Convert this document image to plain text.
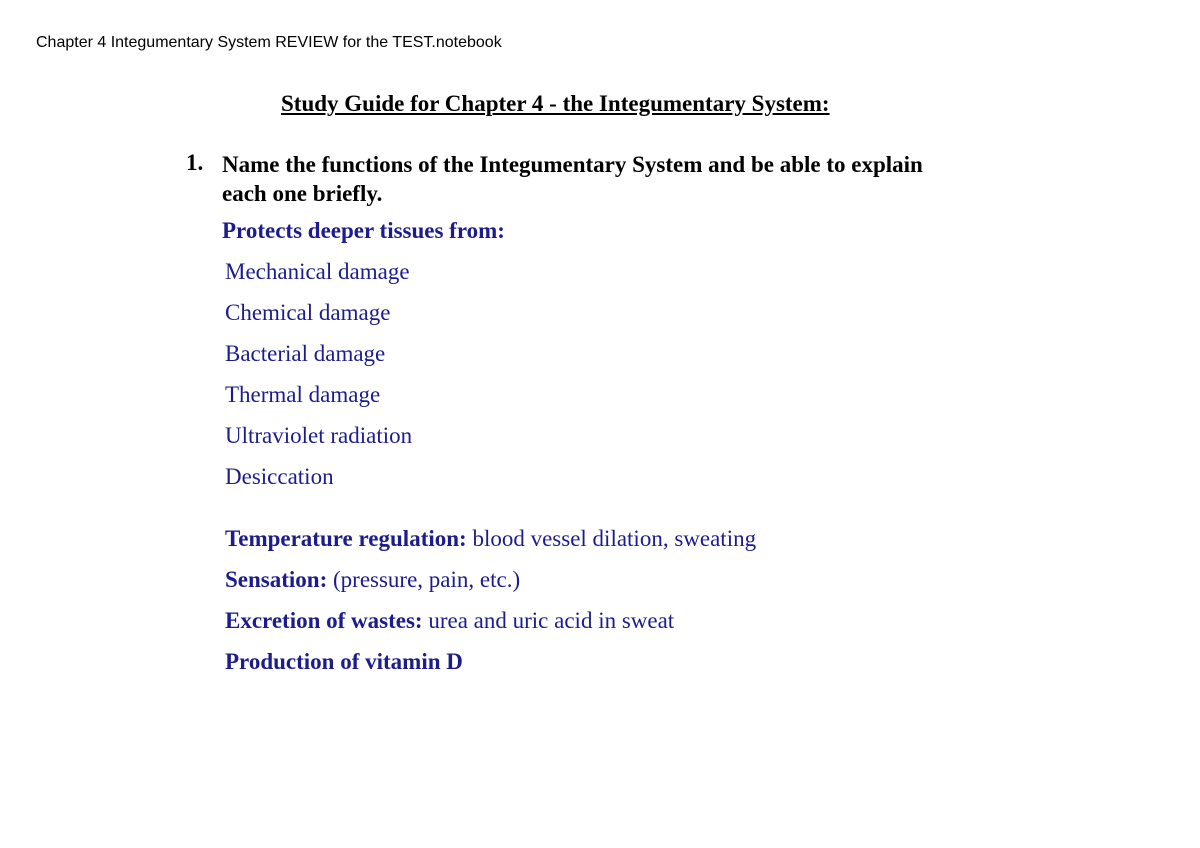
Chapter 4 Integumentary System REVIEW for the TEST.notebook
Study Guide for Chapter 4 - the Integumentary System:
1. Name the functions of the Integumentary System and be able to explain each one briefly.
Protects deeper tissues from:
Mechanical damage
Chemical damage
Bacterial damage
Thermal damage
Ultraviolet radiation
Desiccation
Temperature regulation: blood vessel dilation, sweating
Sensation: (pressure, pain, etc.)
Excretion of wastes: urea and uric acid in sweat
Production of vitamin D
